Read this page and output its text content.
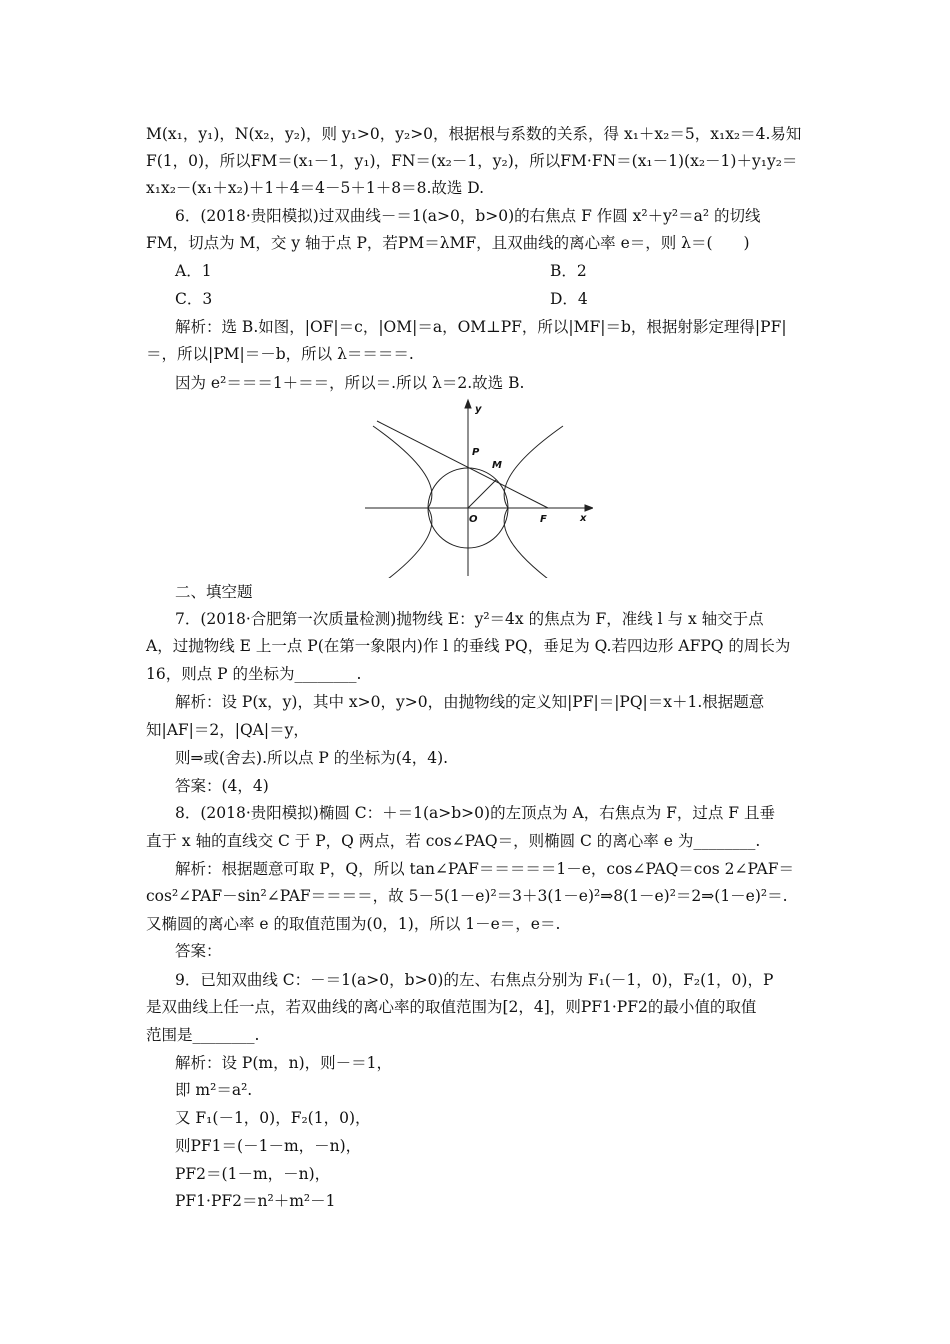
M(x₁，y₁)，N(x₂，y₂)，则 y₁>0，y₂>0，根据根与系数的关系，得 x₁＋x₂＝5，x₁x₂＝4.易知
F(1，0)，所以FM＝(x₁－1，y₁)，FN＝(x₂－1，y₂)，所以FM·FN＝(x₁－1)(x₂－1)＋y₁y₂＝
x₁x₂－(x₁＋x₂)＋1＋4＝4－5＋1＋8＝8.故选 D.
6．(2018·贵阳模拟)过双曲线－＝1(a>0，b>0)的右焦点 F 作圆 x²＋y²＝a² 的切线
FM，切点为 M，交 y 轴于点 P，若PM＝λMF，且双曲线的离心率 e＝，则 λ＝(　　)
A．1	B．2
C．3	D．4
解析：选 B.如图，|OF|＝c，|OM|＝a，OM⊥PF，所以|MF|＝b，根据射影定理得|PF|
＝，所以|PM|＝－b，所以 λ＝＝＝＝.
因为 e²＝＝＝1＋＝＝，所以＝.所以 λ＝2.故选 B.
y
x
O
P
M
F
二、填空题
7．(2018·合肥第一次质量检测)抛物线 E：y²＝4x 的焦点为 F，准线 l 与 x 轴交于点
A，过抛物线 E 上一点 P(在第一象限内)作 l 的垂线 PQ，垂足为 Q.若四边形 AFPQ 的周长为
16，则点 P 的坐标为________.
解析：设 P(x，y)，其中 x>0，y>0，由抛物线的定义知|PF|＝|PQ|＝x＋1.根据题意
知|AF|＝2，|QA|＝y，
则⇒或(舍去).所以点 P 的坐标为(4，4).
答案：(4，4)
8．(2018·贵阳模拟)椭圆 C：＋＝1(a>b>0)的左顶点为 A，右焦点为 F，过点 F 且垂
直于 x 轴的直线交 C 于 P，Q 两点，若 cos∠PAQ＝，则椭圆 C 的离心率 e 为________.
解析：根据题意可取 P，Q，所以 tan∠PAF＝＝＝＝＝1－e，cos∠PAQ＝cos 2∠PAF＝
cos²∠PAF－sin²∠PAF＝＝＝＝，故 5－5(1－e)²＝3＋3(1－e)²⇒8(1－e)²＝2⇒(1－e)²＝.
又椭圆的离心率 e 的取值范围为(0，1)，所以 1－e＝，e＝.
答案：
9．已知双曲线 C：－＝1(a>0，b>0)的左、右焦点分别为 F₁(－1，0)，F₂(1，0)，P
是双曲线上任一点，若双曲线的离心率的取值范围为[2，4]，则PF1·PF2的最小值的取值
范围是________.
解析：设 P(m，n)，则－＝1，
即 m²＝a².
又 F₁(－1，0)，F₂(1，0)，
则PF1＝(－1－m，－n)，
PF2＝(1－m，－n)，
PF1·PF2＝n²＋m²－1
